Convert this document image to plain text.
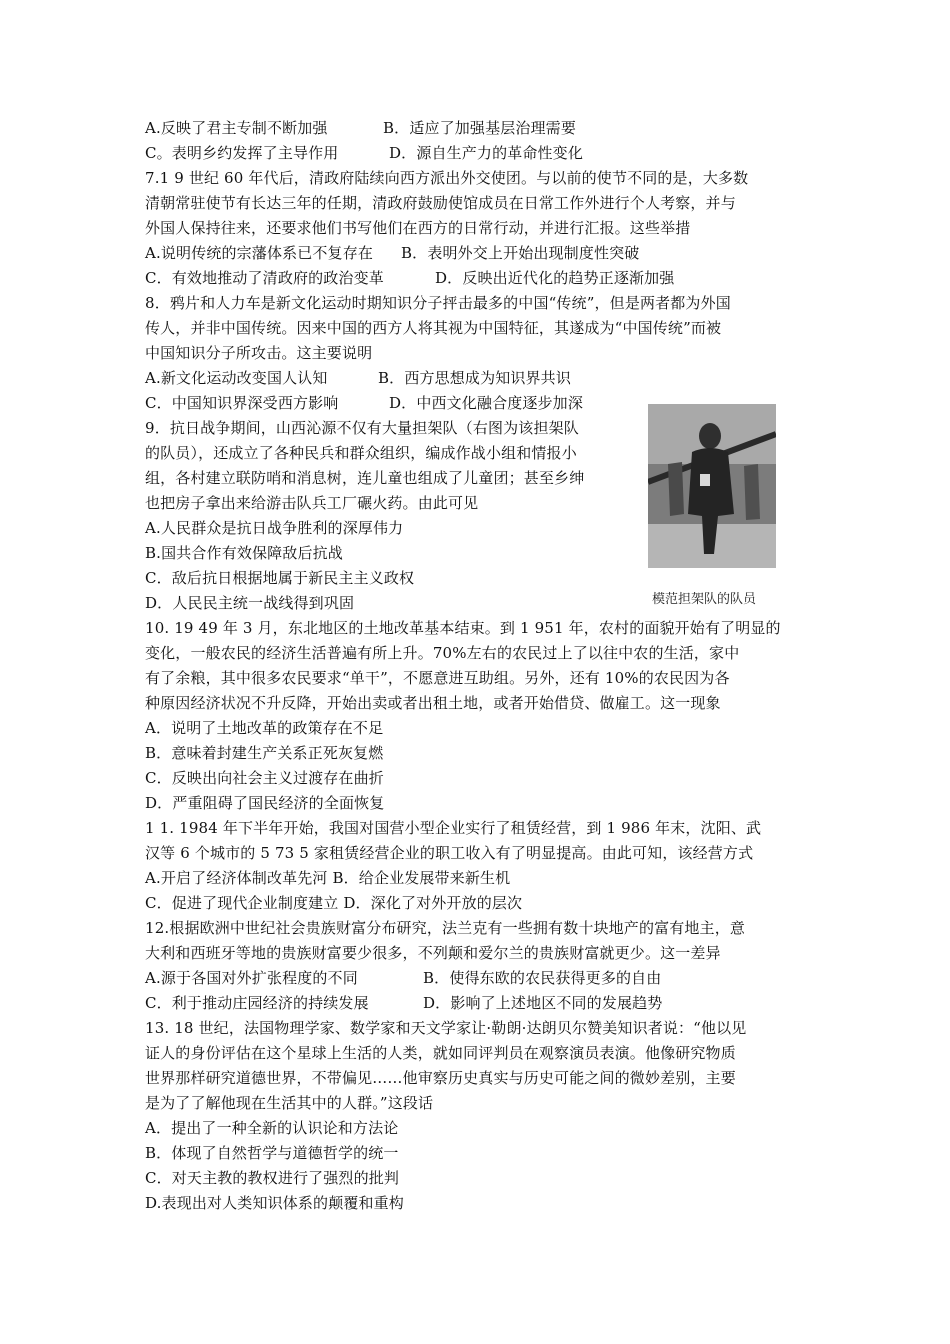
A.反映了君主专制不断加强	B．适应了加强基层治理需要
C。表明乡约发挥了主导作用	D．源自生产力的革命性变化
7.1 9 世纪 60 年代后，清政府陆续向西方派出外交使团。与以前的使节不同的是，大多数
清朝常驻使节有长达三年的任期，清政府鼓励使馆成员在日常工作外进行个人考察，并与
外国人保持往来，还要求他们书写他们在西方的日常行动，并进行汇报。这些举措
A.说明传统的宗藩体系已不复存在 B．表明外交上开始出现制度性突破
C．有效地推动了清政府的政治变革	D．反映出近代化的趋势正逐渐加强
8．鸦片和人力车是新文化运动时期知识分子抨击最多的中国“传统”，但是两者都为外国
传人，并非中国传统。因来中国的西方人将其视为中国特征，其遂成为“中国传统”而被
中国知识分子所攻击。这主要说明
A.新文化运动改变国人认知	B．西方思想成为知识界共识
C．中国知识界深受西方影响	D．中西文化融合度逐步加深
9．抗日战争期间，山西沁源不仅有大量担架队（右图为该担架队
的队员），还成立了各种民兵和群众组织，编成作战小组和情报小
组，各村建立联防哨和消息树，连儿童也组成了儿童团；甚至乡绅
也把房子拿出来给游击队兵工厂碾火药。由此可见
A.人民群众是抗日战争胜利的深厚伟力
B.国共合作有效保障敌后抗战
C．敌后抗日根据地属于新民主主义政权
D．人民民主统一战线得到巩固	模范担架队的队员
10. 19 49 年 3 月，东北地区的土地改革基本结束。到 1 951 年，农村的面貌开始有了明显的
变化，一般农民的经济生活普遍有所上升。70%左右的农民过上了以往中农的生活，家中
有了余粮，其中很多农民要求“单干”，不愿意进互助组。另外，还有 10%的农民因为各
种原因经济状况不升反降，开始出卖或者出租土地，或者开始借贷、做雇工。这一现象
A．说明了土地改革的政策存在不足
B．意味着封建生产关系正死灰复燃
C．反映出向社会主义过渡存在曲折
D．严重阻碍了国民经济的全面恢复
1 1. 1984 年下半年开始，我国对国营小型企业实行了租赁经营，到 1 986 年末，沈阳、武
汉等 6 个城市的 5 73 5 家租赁经营企业的职工收入有了明显提高。由此可知，该经营方式
A.开启了经济体制改革先河 B．给企业发展带来新生机
C．促进了现代企业制度建立 D．深化了对外开放的层次
12.根据欧洲中世纪社会贵族财富分布研究，法兰克有一些拥有数十块地产的富有地主，意
大利和西班牙等地的贵族财富要少很多，不列颠和爱尔兰的贵族财富就更少。这一差异
A.源于各国对外扩张程度的不同	B．使得东欧的农民获得更多的自由
C．利于推动庄园经济的持续发展	D．影响了上述地区不同的发展趋势
13. 18 世纪，法国物理学家、数学家和天文学家让·勒朗·达朗贝尔赞美知识者说：“他以见
证人的身份评估在这个星球上生活的人类，就如同评判员在观察演员表演。他像研究物质
世界那样研究道德世界，不带偏见……他审察历史真实与历史可能之间的微妙差别，主要
是为了了解他现在生活其中的人群。”这段话
A．提出了一种全新的认识论和方法论
B．体现了自然哲学与道德哲学的统一
C．对天主教的教权进行了强烈的批判
D.表现出对人类知识体系的颠覆和重构
